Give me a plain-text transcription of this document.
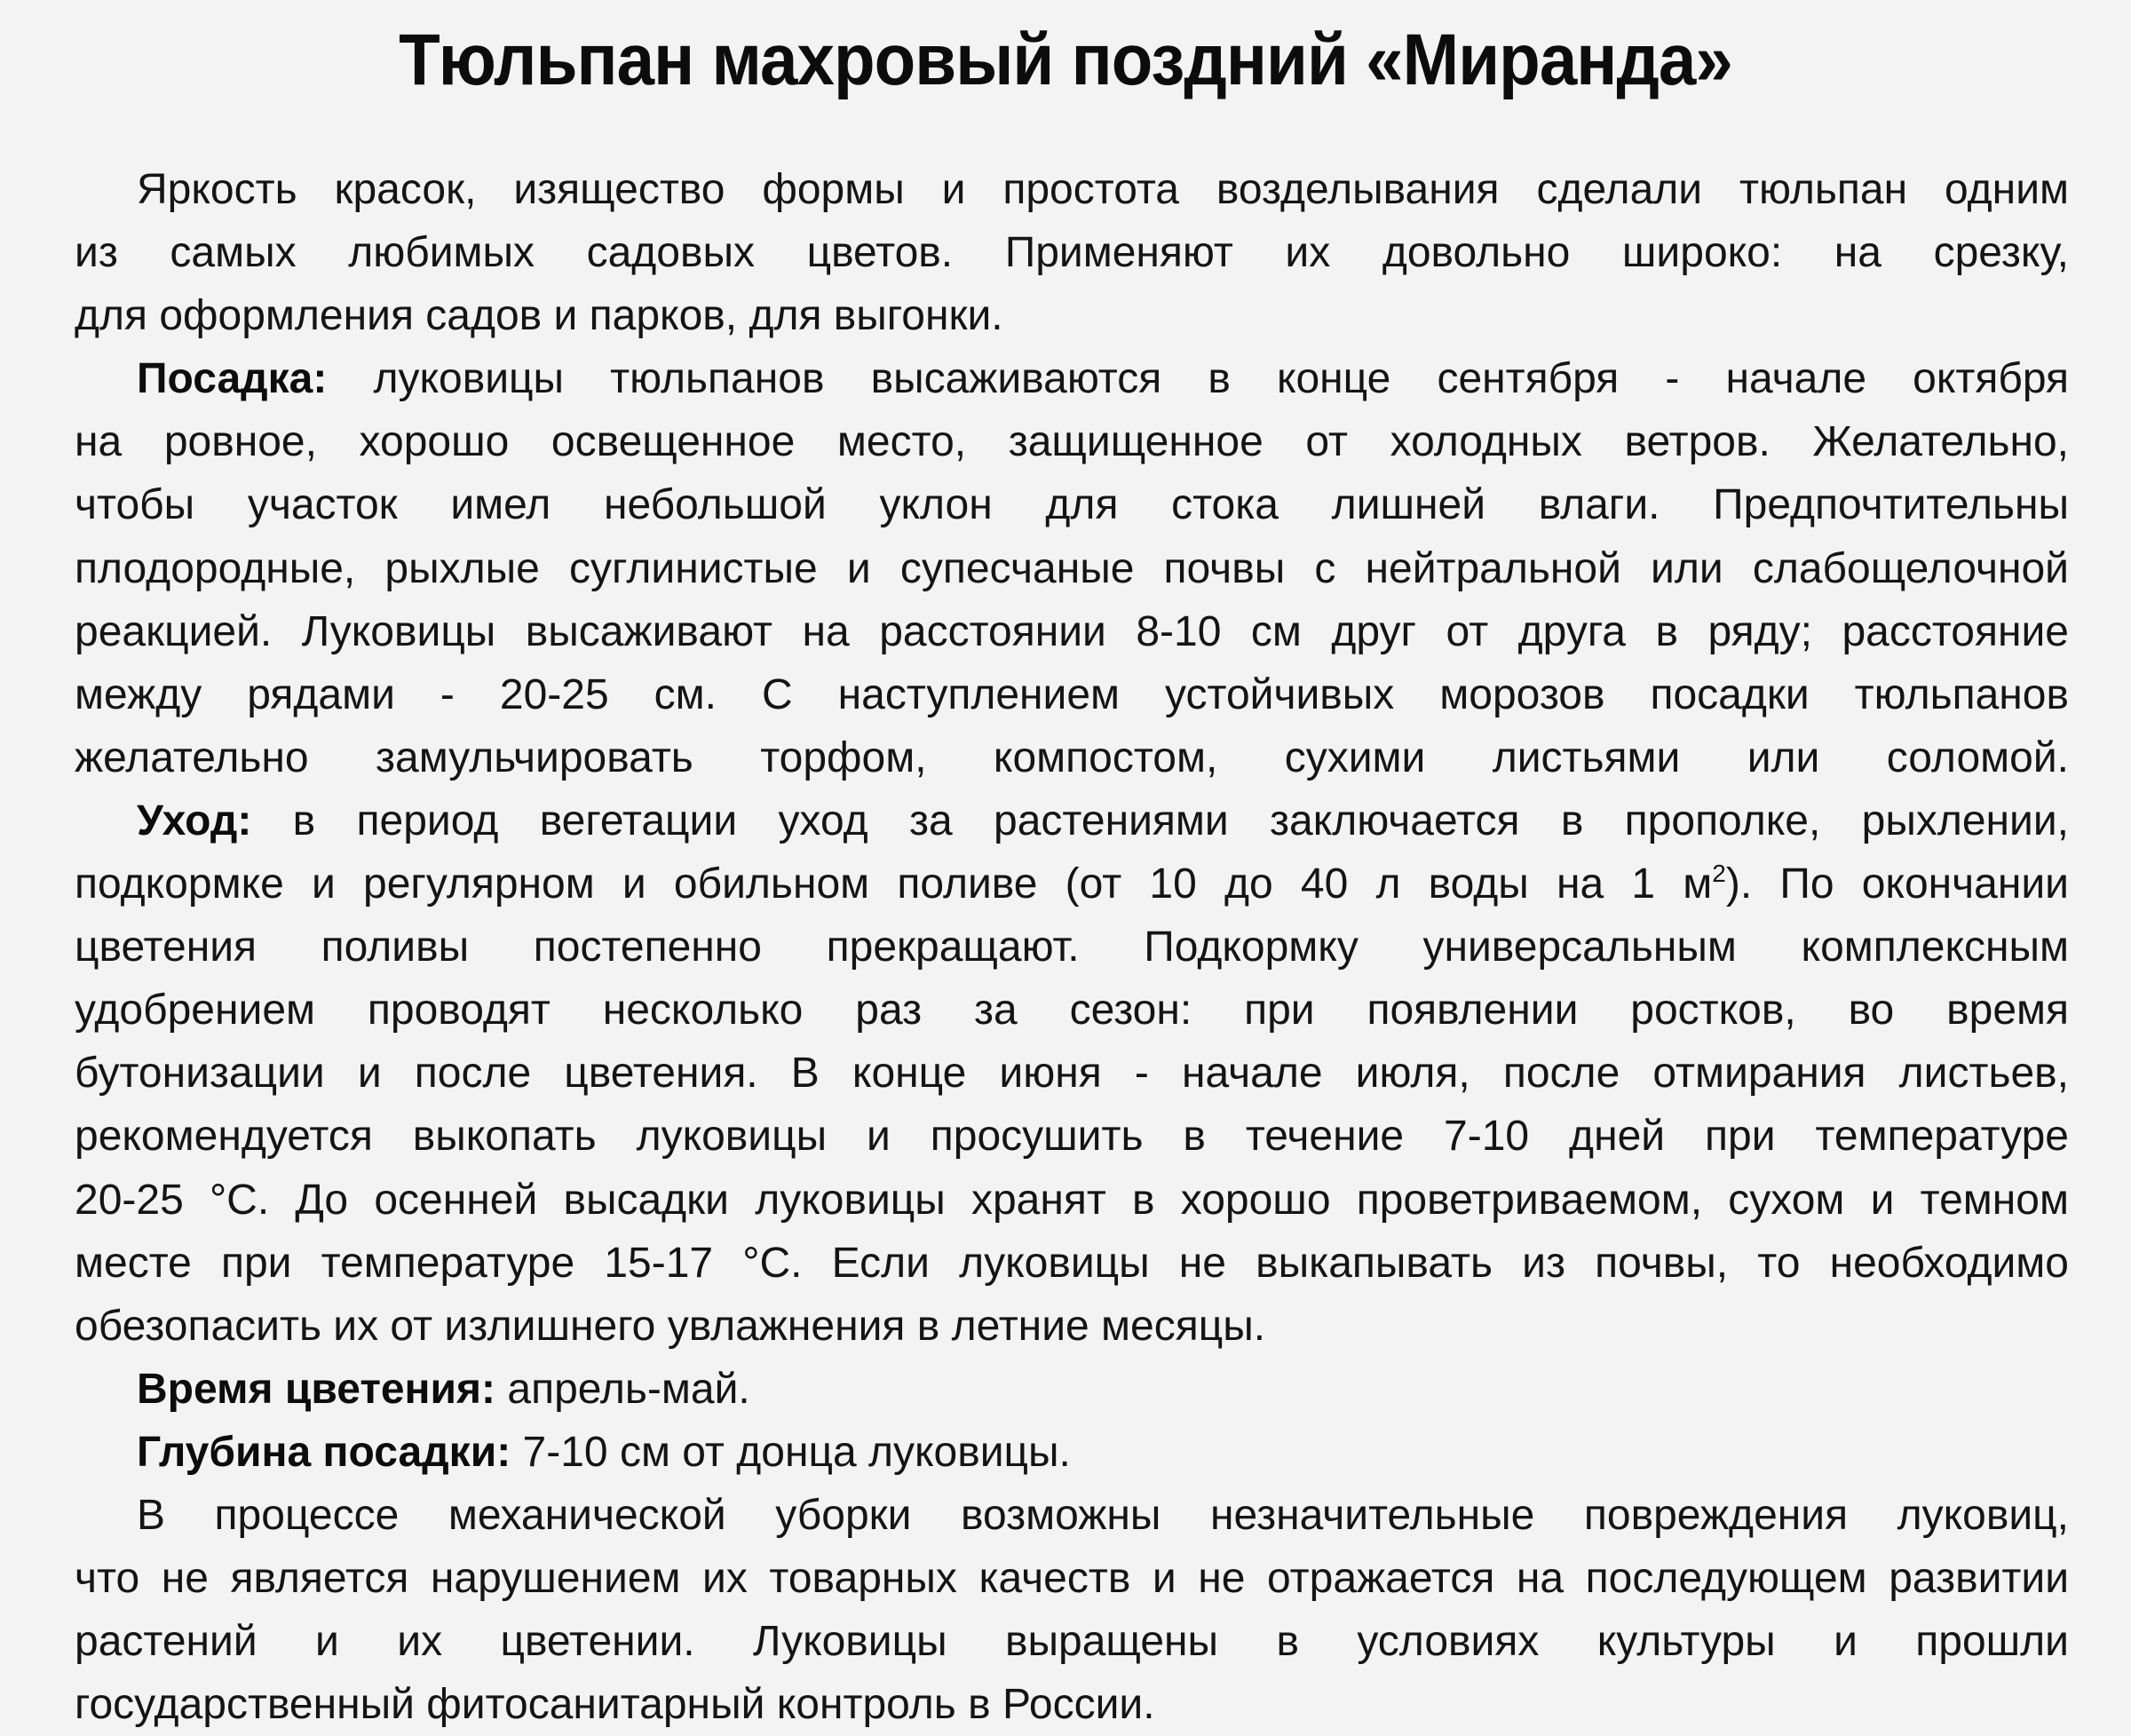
Тюльпан махровый поздний «Миранда»
Яркость красок, изящество формы и простота возделывания сделали тюльпан одним
из самых любимых садовых цветов. Применяют их довольно широко: на срезку,
для оформления садов и парков, для выгонки.
Посадка: луковицы тюльпанов высаживаются в конце сентября - начале октября
на ровное, хорошо освещенное место, защищенное от холодных ветров. Желательно,
чтобы участок имел небольшой уклон для стока лишней влаги. Предпочтительны
плодородные, рыхлые суглинистые и супесчаные почвы с нейтральной или слабощелочной
реакцией. Луковицы высаживают на расстоянии 8-10 см друг от друга в ряду; расстояние
между рядами - 20-25 см. С наступлением устойчивых морозов посадки тюльпанов
желательно замульчировать торфом, компостом, сухими листьями или соломой.
Уход: в период вегетации уход за растениями заключается в прополке, рыхлении,
подкормке и регулярном и обильном поливе (от 10 до 40 л воды на 1 $м^2$). По окончании
цветения поливы постепенно прекращают. Подкормку универсальным комплексным
удобрением проводят несколько раз за сезон: при появлении ростков, во время
бутонизации и после цветения. В конце июня - начале июля, после отмирания листьев,
рекомендуется выкопать луковицы и просушить в течение 7-10 дней при температуре
20-25 °С. До осенней высадки луковицы хранят в хорошо проветриваемом, сухом и темном
месте при температуре 15-17 °С. Если луковицы не выкапывать из почвы, то необходимо
обезопасить их от излишнего увлажнения в летние месяцы.
Время цветения: апрель-май.
Глубина посадки: 7-10 см от донца луковицы.
В процессе механической уборки возможны незначительные повреждения луковиц,
что не является нарушением их товарных качеств и не отражается на последующем развитии
растений и их цветении. Луковицы выращены в условиях культуры и прошли
государственный фитосанитарный контроль в России.
